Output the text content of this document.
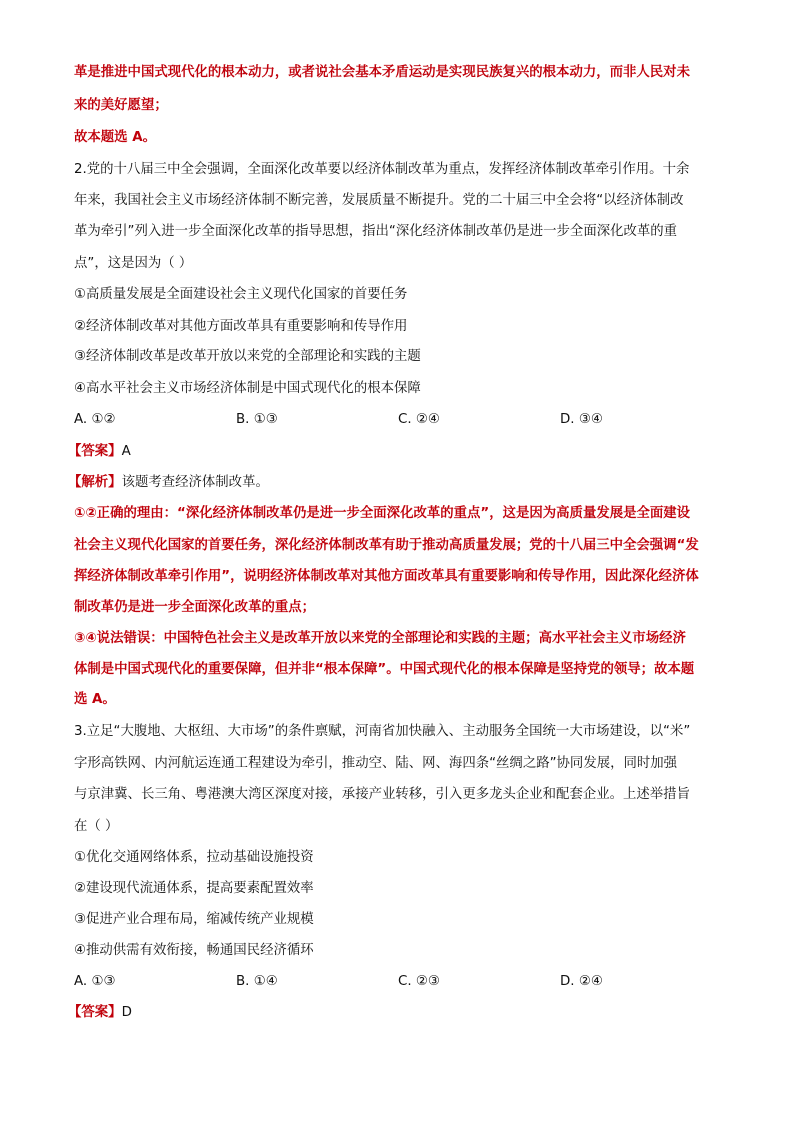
革是推进中国式现代化的根本动力，或者说社会基本矛盾运动是实现民族复兴的根本动力，而非人民对未
来的美好愿望；
故本题选 A。
2.党的十八届三中全会强调，全面深化改革要以经济体制改革为重点，发挥经济体制改革牵引作用。十余
年来，我国社会主义市场经济体制不断完善，发展质量不断提升。党的二十届三中全会将“以经济体制改
革为牵引”列入进一步全面深化改革的指导思想，指出“深化经济体制改革仍是进一步全面深化改革的重
点”，这是因为（ ）
①高质量发展是全面建设社会主义现代化国家的首要任务
②经济体制改革对其他方面改革具有重要影响和传导作用
③经济体制改革是改革开放以来党的全部理论和实践的主题
④高水平社会主义市场经济体制是中国式现代化的根本保障
A. ①②	B. ①③	C. ②④	D. ③④
【答案】A
【解析】该题考查经济体制改革。
①②正确的理由：“深化经济体制改革仍是进一步全面深化改革的重点”，这是因为高质量发展是全面建设
社会主义现代化国家的首要任务，深化经济体制改革有助于推动高质量发展；党的十八届三中全会强调“发
挥经济体制改革牵引作用”，说明经济体制改革对其他方面改革具有重要影响和传导作用，因此深化经济体
制改革仍是进一步全面深化改革的重点；
③④说法错误：中国特色社会主义是改革开放以来党的全部理论和实践的主题；高水平社会主义市场经济
体制是中国式现代化的重要保障，但并非“根本保障”。中国式现代化的根本保障是坚持党的领导；故本题
选 A。
3.立足“大腹地、大枢纽、大市场”的条件禀赋，河南省加快融入、主动服务全国统一大市场建设，以“米”
字形高铁网、内河航运连通工程建设为牵引，推动空、陆、网、海四条“丝绸之路”协同发展，同时加强
与京津冀、长三角、粤港澳大湾区深度对接，承接产业转移，引入更多龙头企业和配套企业。上述举措旨
在（ ）
①优化交通网络体系，拉动基础设施投资
②建设现代流通体系，提高要素配置效率
③促进产业合理布局，缩减传统产业规模
④推动供需有效衔接，畅通国民经济循环
A. ①③	B. ①④	C. ②③	D. ②④
【答案】D
